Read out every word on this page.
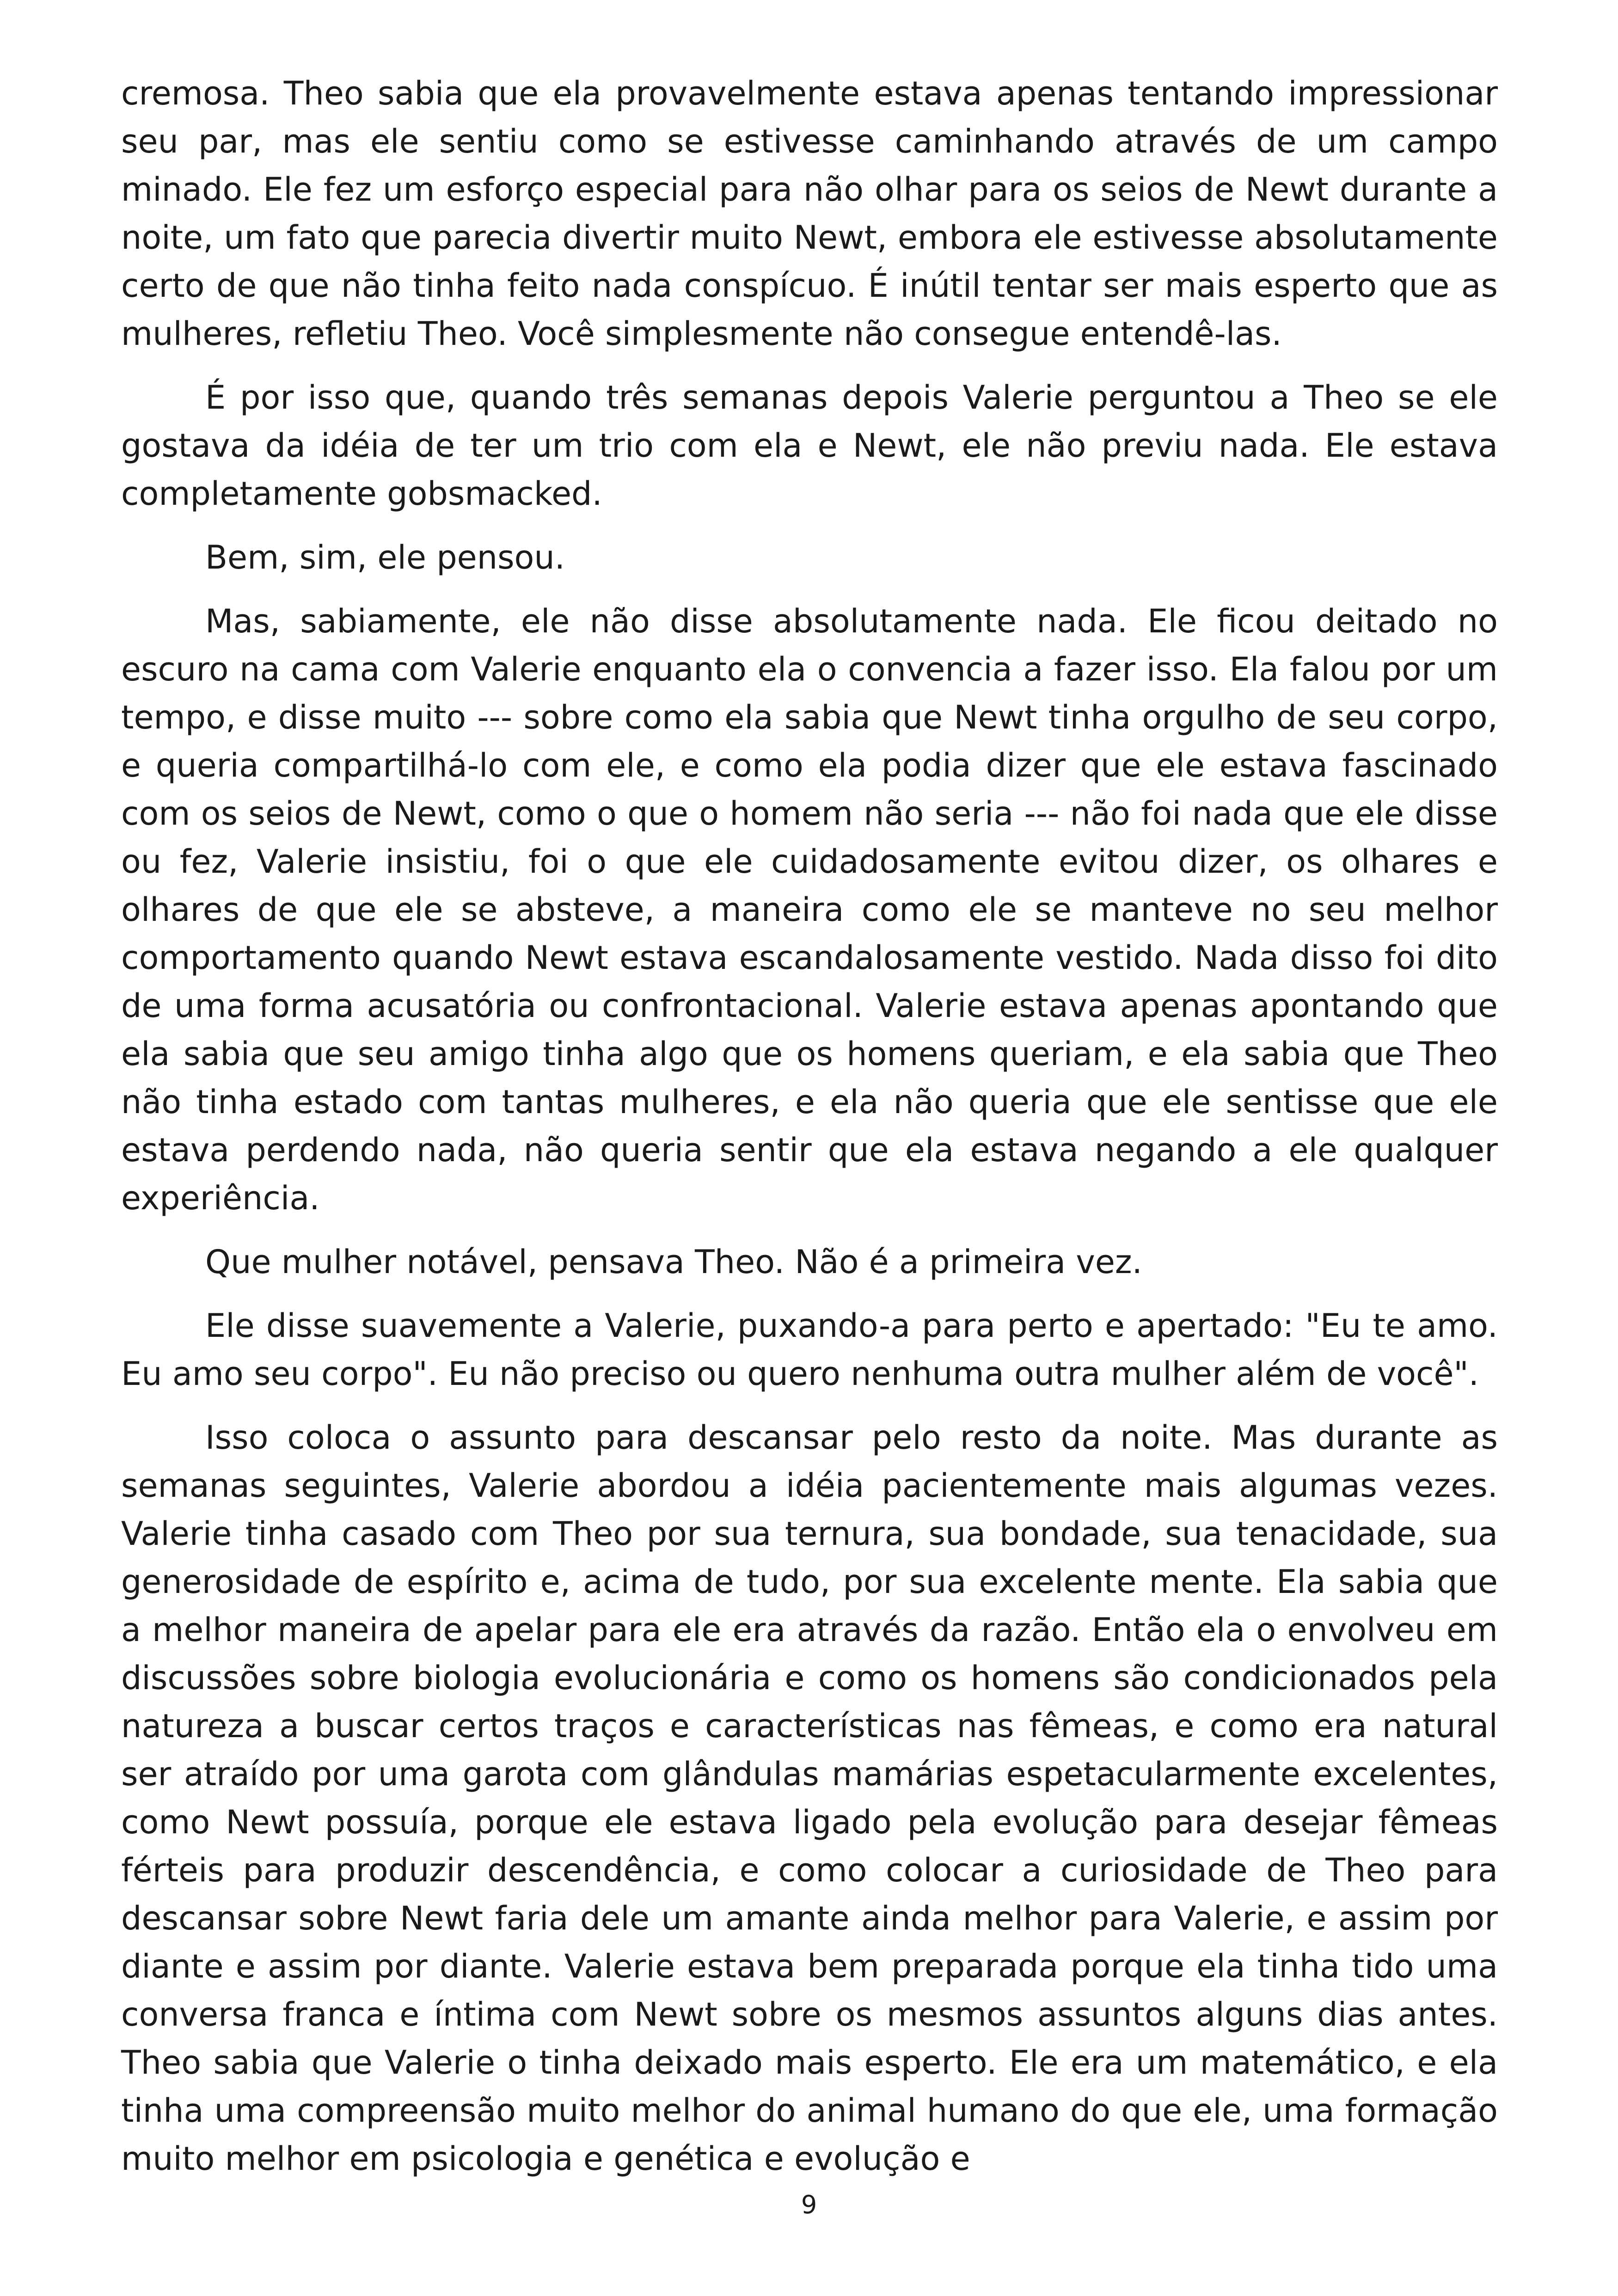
cremosa. Theo sabia que ela provavelmente estava apenas tentando impressionar seu par, mas ele sentiu como se estivesse caminhando através de um campo minado. Ele fez um esforço especial para não olhar para os seios de Newt durante a noite, um fato que parecia divertir muito Newt, embora ele estivesse absolutamente certo de que não tinha feito nada conspícuo. É inútil tentar ser mais esperto que as mulheres, refletiu Theo. Você simplesmente não consegue entendê-las.

É por isso que, quando três semanas depois Valerie perguntou a Theo se ele gostava da idéia de ter um trio com ela e Newt, ele não previu nada. Ele estava completamente gobsmacked.

Bem, sim, ele pensou.

Mas, sabiamente, ele não disse absolutamente nada. Ele ficou deitado no escuro na cama com Valerie enquanto ela o convencia a fazer isso. Ela falou por um tempo, e disse muito --- sobre como ela sabia que Newt tinha orgulho de seu corpo, e queria compartilhá-lo com ele, e como ela podia dizer que ele estava fascinado com os seios de Newt, como o que o homem não seria --- não foi nada que ele disse ou fez, Valerie insistiu, foi o que ele cuidadosamente evitou dizer, os olhares e olhares de que ele se absteve, a maneira como ele se manteve no seu melhor comportamento quando Newt estava escandalosamente vestido. Nada disso foi dito de uma forma acusatória ou confrontacional. Valerie estava apenas apontando que ela sabia que seu amigo tinha algo que os homens queriam, e ela sabia que Theo não tinha estado com tantas mulheres, e ela não queria que ele sentisse que ele estava perdendo nada, não queria sentir que ela estava negando a ele qualquer experiência.

Que mulher notável, pensava Theo. Não é a primeira vez.

Ele disse suavemente a Valerie, puxando-a para perto e apertado: "Eu te amo. Eu amo seu corpo". Eu não preciso ou quero nenhuma outra mulher além de você".

Isso coloca o assunto para descansar pelo resto da noite. Mas durante as semanas seguintes, Valerie abordou a idéia pacientemente mais algumas vezes. Valerie tinha casado com Theo por sua ternura, sua bondade, sua tenacidade, sua generosidade de espírito e, acima de tudo, por sua excelente mente. Ela sabia que a melhor maneira de apelar para ele era através da razão. Então ela o envolveu em discussões sobre biologia evolucionária e como os homens são condicionados pela natureza a buscar certos traços e características nas fêmeas, e como era natural ser atraído por uma garota com glândulas mamárias espetacularmente excelentes, como Newt possuía, porque ele estava ligado pela evolução para desejar fêmeas férteis para produzir descendência, e como colocar a curiosidade de Theo para descansar sobre Newt faria dele um amante ainda melhor para Valerie, e assim por diante e assim por diante. Valerie estava bem preparada porque ela tinha tido uma conversa franca e íntima com Newt sobre os mesmos assuntos alguns dias antes. Theo sabia que Valerie o tinha deixado mais esperto. Ele era um matemático, e ela tinha uma compreensão muito melhor do animal humano do que ele, uma formação muito melhor em psicologia e genética e evolução e

9
